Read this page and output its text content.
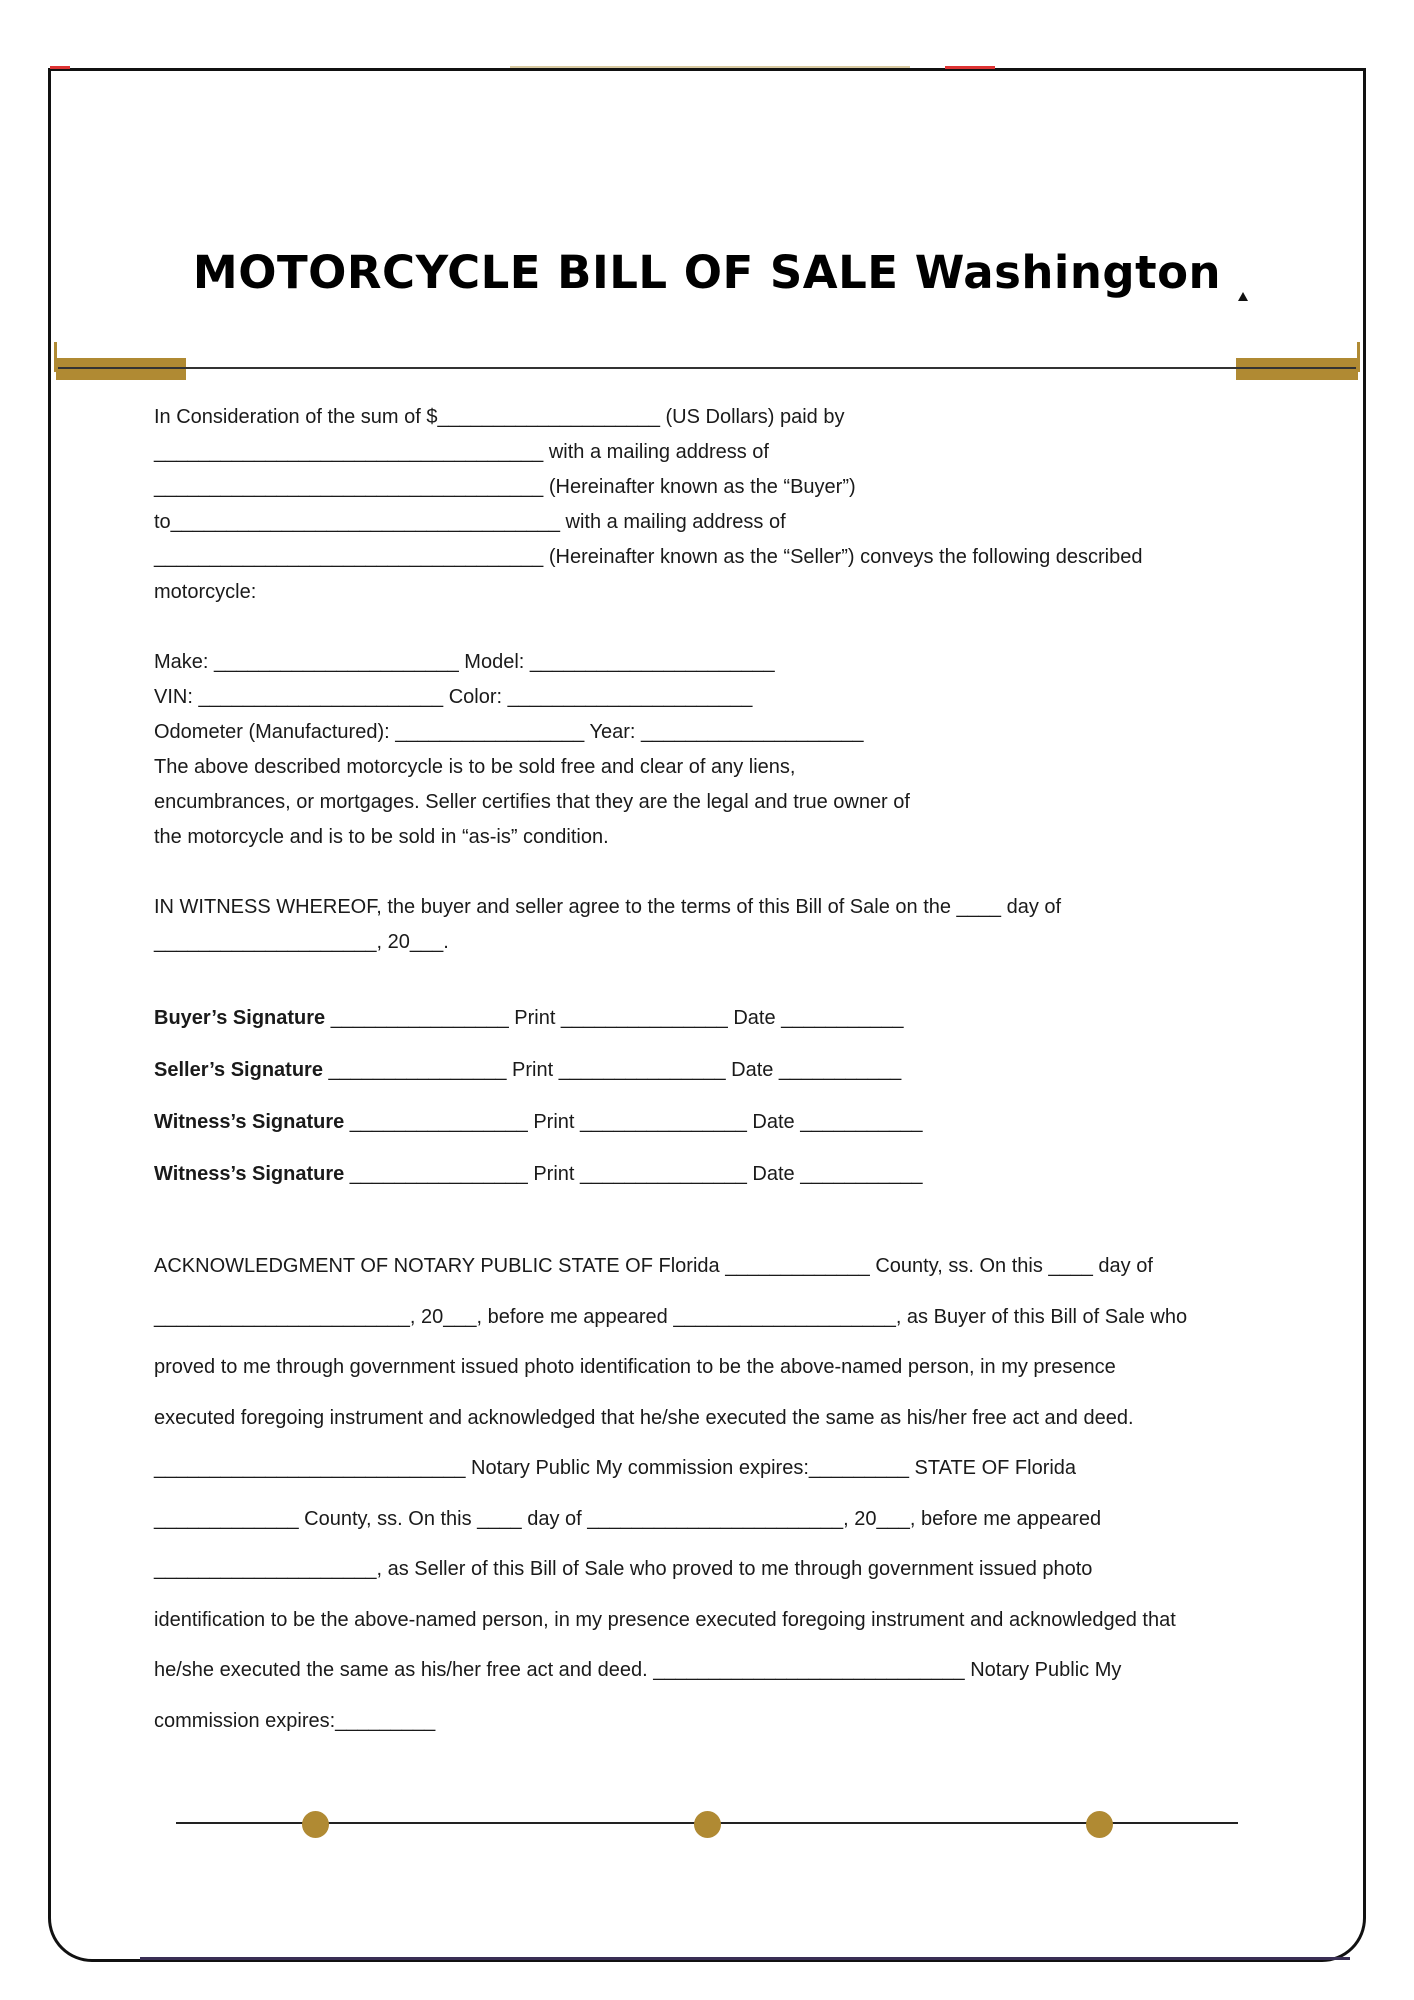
MOTORCYCLE BILL OF SALE Washington
In Consideration of the sum of $____________________ (US Dollars) paid by
___________________________________ with a mailing address of
___________________________________ (Hereinafter known as the “Buyer”)
to___________________________________ with a mailing address of
___________________________________ (Hereinafter known as the “Seller”) conveys the following described
motorcycle:
Make: ______________________ Model: ______________________
VIN: ______________________ Color: ______________________
Odometer (Manufactured): _________________ Year: ____________________
The above described motorcycle is to be sold free and clear of any liens,
encumbrances, or mortgages. Seller certifies that they are the legal and true owner of
the motorcycle and is to be sold in “as-is” condition.
IN WITNESS WHEREOF, the buyer and seller agree to the terms of this Bill of Sale on the ____ day of
____________________, 20___.
Buyer’s Signature ________________ Print _______________ Date ___________
Seller’s Signature ________________ Print _______________ Date ___________
Witness’s Signature ________________ Print _______________ Date ___________
Witness’s Signature ________________ Print _______________ Date ___________
ACKNOWLEDGMENT OF NOTARY PUBLIC STATE OF Florida _____________ County, ss. On this ____ day of
_______________________, 20___, before me appeared ____________________, as Buyer of this Bill of Sale who
proved to me through government issued photo identification to be the above-named person, in my presence
executed foregoing instrument and acknowledged that he/she executed the same as his/her free act and deed.
____________________________ Notary Public My commission expires:_________ STATE OF Florida
_____________ County, ss. On this ____ day of _______________________, 20___, before me appeared
____________________, as Seller of this Bill of Sale who proved to me through government issued photo
identification to be the above-named person, in my presence executed foregoing instrument and acknowledged that
he/she executed the same as his/her free act and deed. ____________________________ Notary Public My
commission expires:_________
